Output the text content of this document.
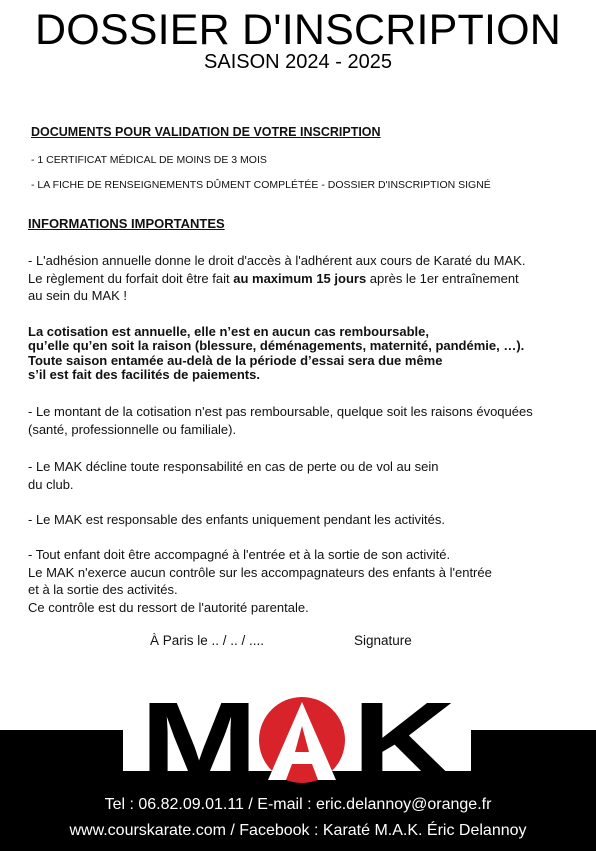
DOSSIER D'INSCRIPTION
SAISON 2024 - 2025
DOCUMENTS POUR VALIDATION DE VOTRE INSCRIPTION
- 1 CERTIFICAT MÉDICAL DE MOINS DE 3 MOIS
- LA FICHE DE RENSEIGNEMENTS DÛMENT COMPLÉTÉE - DOSSIER D'INSCRIPTION SIGNÉ
INFORMATIONS IMPORTANTES
- L'adhésion annuelle donne le droit d'accès à l'adhérent aux cours de Karaté du MAK.
Le règlement du forfait doit être fait au maximum 15 jours après le 1er entraînement
au sein du MAK !
La cotisation est annuelle, elle n’est en aucun cas remboursable,
qu’elle qu’en soit la raison (blessure, déménagements, maternité, pandémie, …).
Toute saison entamée au-delà de la période d’essai sera due même
s’il est fait des facilités de paiements.
- Le montant de la cotisation n'est pas remboursable, quelque soit les raisons évoquées
(santé, professionnelle ou familiale).
- Le MAK décline toute responsabilité en cas de perte ou de vol au sein
du club.
- Le MAK est responsable des enfants uniquement pendant les activités.
- Tout enfant doit être accompagné à l'entrée et à la sortie de son activité.
Le MAK n'exerce aucun contrôle sur les accompagnateurs des enfants à l'entrée
et à la sortie des activités.
Ce contrôle est du ressort de l'autorité parentale.
À Paris le .. / .. / ....	Signature
M K
Tel : 06.82.09.01.11 / E-mail : eric.delannoy@orange.fr
www.courskarate.com / Facebook : Karaté M.A.K. Éric Delannoy
